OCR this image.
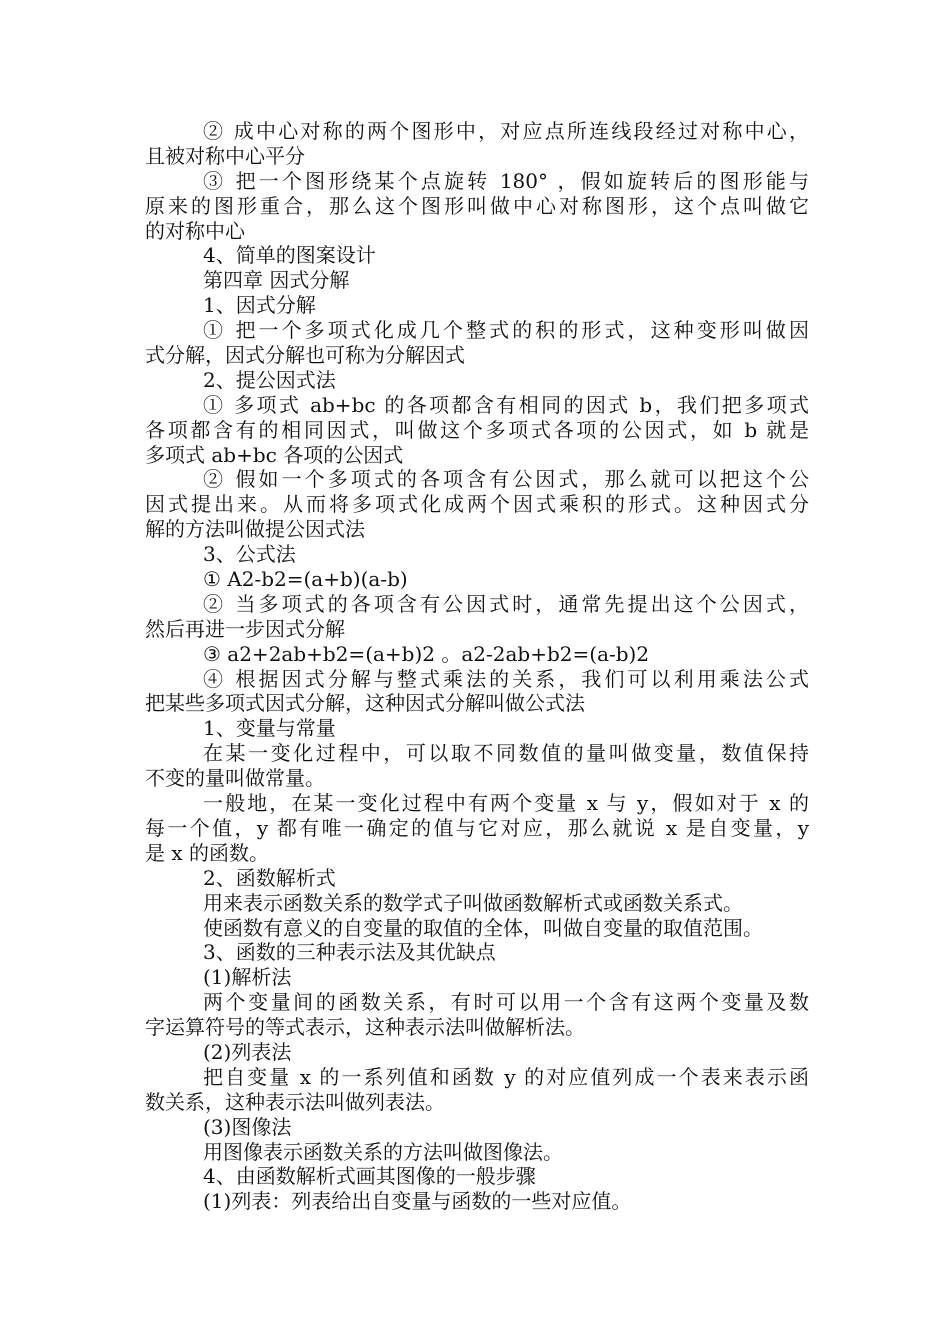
② 成中心对称的两个图形中，对应点所连线段经过对称中心，
且被对称中心平分
③ 把一个图形绕某个点旋转 180° ，假如旋转后的图形能与
原来的图形重合，那么这个图形叫做中心对称图形，这个点叫做它
的对称中心
4、简单的图案设计
第四章 因式分解
1、因式分解
① 把一个多项式化成几个整式的积的形式，这种变形叫做因
式分解，因式分解也可称为分解因式
2、提公因式法
① 多项式 ab+bc 的各项都含有相同的因式 b，我们把多项式
各项都含有的相同因式，叫做这个多项式各项的公因式，如 b 就是
多项式 ab+bc 各项的公因式
② 假如一个多项式的各项含有公因式，那么就可以把这个公
因式提出来。从而将多项式化成两个因式乘积的形式。这种因式分
解的方法叫做提公因式法
3、公式法
① A2-b2=(a+b)(a-b)
② 当多项式的各项含有公因式时，通常先提出这个公因式，
然后再进一步因式分解
③ a2+2ab+b2=(a+b)2 。a2-2ab+b2=(a-b)2
④ 根据因式分解与整式乘法的关系，我们可以利用乘法公式
把某些多项式因式分解，这种因式分解叫做公式法
1、变量与常量
在某一变化过程中，可以取不同数值的量叫做变量，数值保持
不变的量叫做常量。
一般地，在某一变化过程中有两个变量 x 与 y，假如对于 x 的
每一个值，y 都有唯一确定的值与它对应，那么就说 x 是自变量，y
是 x 的函数。
2、函数解析式
用来表示函数关系的数学式子叫做函数解析式或函数关系式。
使函数有意义的自变量的取值的全体，叫做自变量的取值范围。
3、函数的三种表示法及其优缺点
(1)解析法
两个变量间的函数关系，有时可以用一个含有这两个变量及数
字运算符号的等式表示，这种表示法叫做解析法。
(2)列表法
把自变量 x 的一系列值和函数 y 的对应值列成一个表来表示函
数关系，这种表示法叫做列表法。
(3)图像法
用图像表示函数关系的方法叫做图像法。
4、由函数解析式画其图像的一般步骤
(1)列表：列表给出自变量与函数的一些对应值。
